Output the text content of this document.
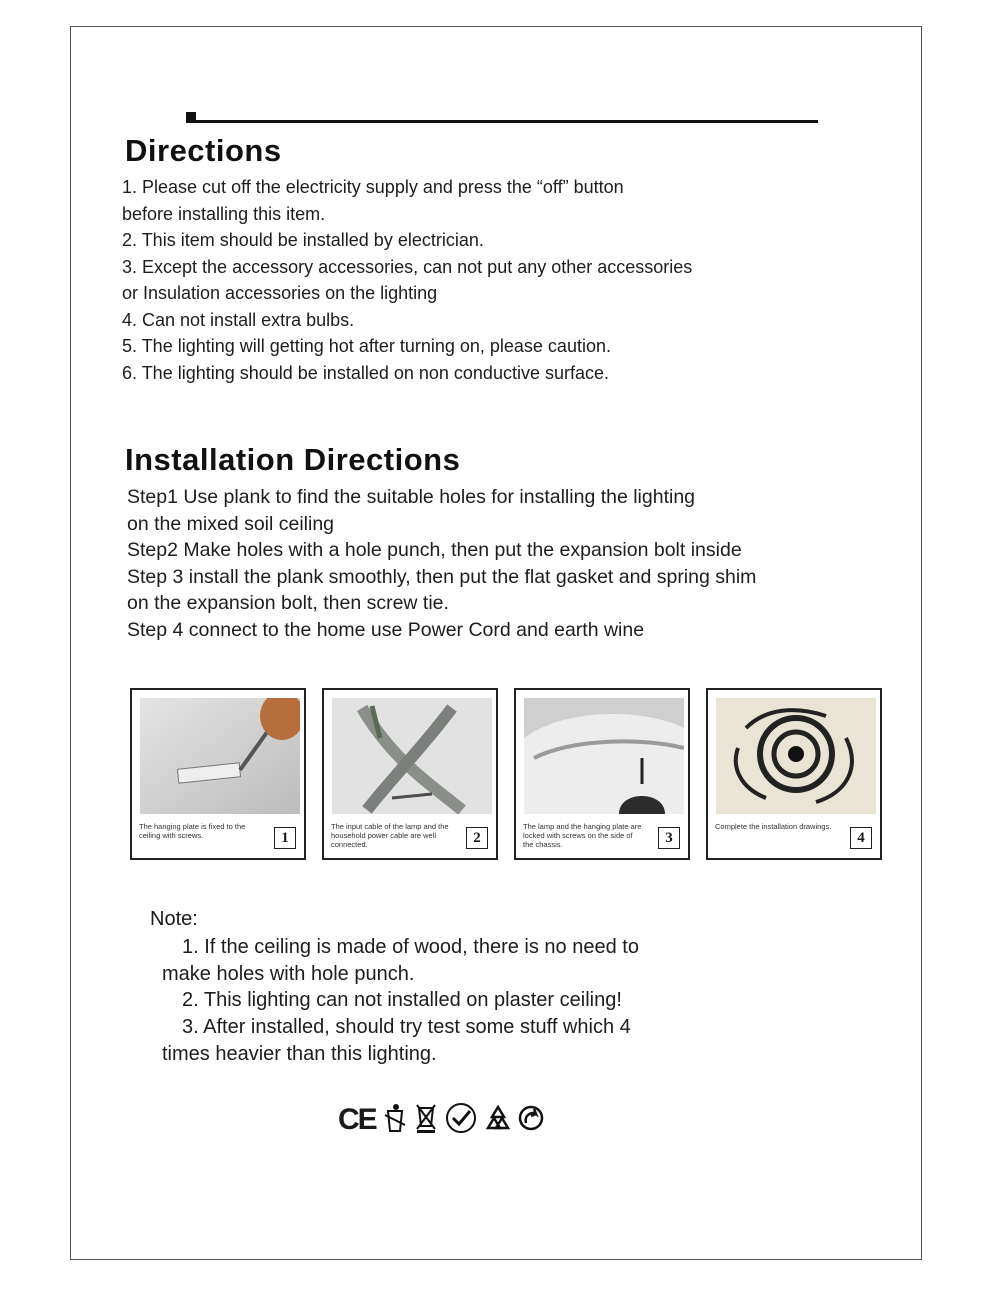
Directions
1. Please cut off the electricity supply and press the “off” button
before installing this item.
2. This item should be installed by electrician.
3. Except the accessory accessories, can not put any other accessories
or Insulation accessories on the lighting
4. Can not install extra bulbs.
5. The lighting will getting hot after turning on, please caution.
6. The lighting should be installed on non conductive surface.
Installation Directions
Step1 Use plank to find the suitable holes for installing the lighting
on the mixed soil ceiling
Step2 Make holes with a hole punch, then put the expansion bolt inside
Step 3 install the plank smoothly, then put the flat gasket and spring shim
on the expansion bolt, then screw tie.
Step 4 connect to the home use Power Cord and earth wine
The hanging plate is fixed to the ceiling with screws.	1
The input cable of the lamp and the household power cable are well connected.	2
The lamp and the hanging plate are locked with screws on the side of the chassis.	3
Complete the installation drawings.
4
Note:
1. If the ceiling is made of wood, there is no need to
make holes with hole punch.
2. This lighting can not installed on plaster ceiling!
3. After installed, should try test some stuff which 4
times heavier than this lighting.
CE
